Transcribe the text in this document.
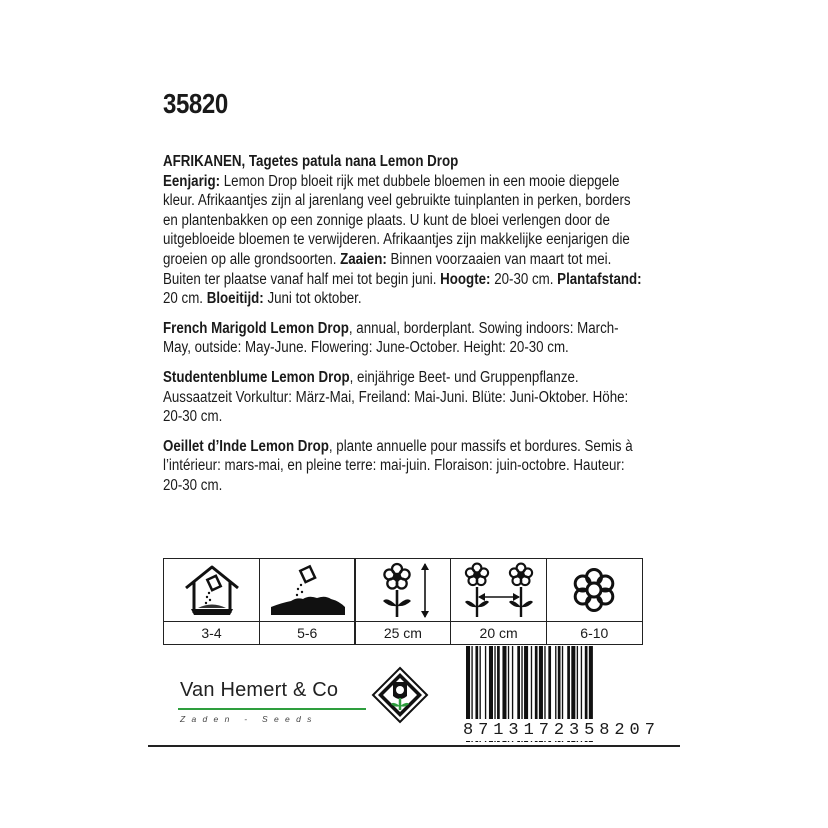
35820

AFRIKANEN, Tagetes patula nana Lemon Drop
Eenjarig: Lemon Drop bloeit rijk met dubbele bloemen in een mooie diepgele kleur. Afrikaantjes zijn al jarenlang veel gebruikte tuinplanten in perken, borders en plantenbakken op een zonnige plaats. U kunt de bloei verlengen door de uitgebloeide bloemen te verwijderen. Afrikaantjes zijn makkelijke eenjarigen die groeien op alle grondsoorten. Zaaien: Binnen voorzaaien van maart tot mei. Buiten ter plaatse vanaf half mei tot begin juni. Hoogte: 20-30 cm. Plantafstand: 20 cm. Bloeitijd: Juni tot oktober.

French Marigold Lemon Drop, annual, borderplant. Sowing indoors: March-May, outside: May-June. Flowering: June-October. Height: 20-30 cm.

Studentenblume Lemon Drop, einjährige Beet- und Gruppenpflanze. Aussaatzeit Vorkultur: März-Mai, Freiland: Mai-Juni. Blüte: Juni-Oktober. Höhe: 20-30 cm.

Oeillet d’Inde Lemon Drop, plante annuelle pour massifs et bordures. Semis à l’intérieur: mars-mai, en pleine terre: mai-juin. Floraison: juin-octobre. Hauteur: 20-30 cm.

3-4	5-6	25 cm	20 cm	6-10
Van Hemert & Co
Zaden - Seeds
8 7 1 3 1 7 2 3 5 8 2 0 7
